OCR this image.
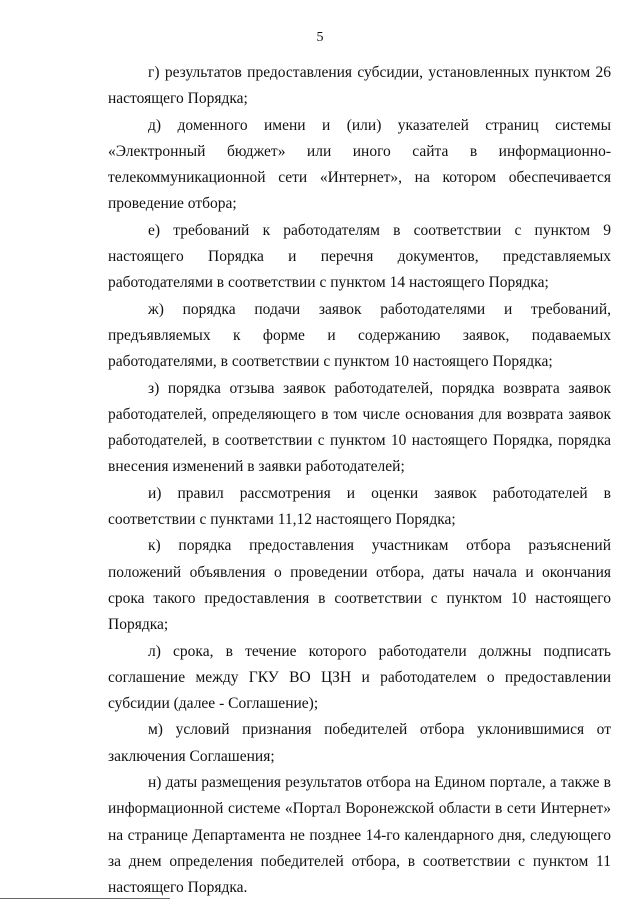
5

г) результатов предоставления субсидии, установленных пунктом 26 настоящего Порядка;

д) доменного имени и (или) указателей страниц системы «Электронный бюджет» или иного сайта в информационно-телекоммуникационной сети «Интернет», на котором обеспечивается проведение отбора;

е) требований к работодателям в соответствии с пунктом 9 настоящего Порядка и перечня документов, представляемых работодателями в соответствии с пунктом 14 настоящего Порядка;

ж) порядка подачи заявок работодателями и требований, предъявляемых к форме и содержанию заявок, подаваемых работодателями, в соответствии с пунктом 10 настоящего Порядка;

з) порядка отзыва заявок работодателей, порядка возврата заявок работодателей, определяющего в том числе основания для возврата заявок работодателей, в соответствии с пунктом 10 настоящего Порядка, порядка внесения изменений в заявки работодателей;

и) правил рассмотрения и оценки заявок работодателей в соответствии с пунктами 11,12 настоящего Порядка;

к) порядка предоставления участникам отбора разъяснений положений объявления о проведении отбора, даты начала и окончания срока такого предоставления в соответствии с пунктом 10 настоящего Порядка;

л) срока, в течение которого работодатели должны подписать соглашение между ГКУ ВО ЦЗН и работодателем о предоставлении субсидии (далее - Соглашение);

м) условий признания победителей отбора уклонившимися от заключения Соглашения;

н) даты размещения результатов отбора на Едином портале, а также в информационной системе «Портал Воронежской области в сети Интернет» на странице Департамента не позднее 14-го календарного дня, следующего за днем определения победителей отбора, в соответствии с пунктом 11 настоящего Порядка.
